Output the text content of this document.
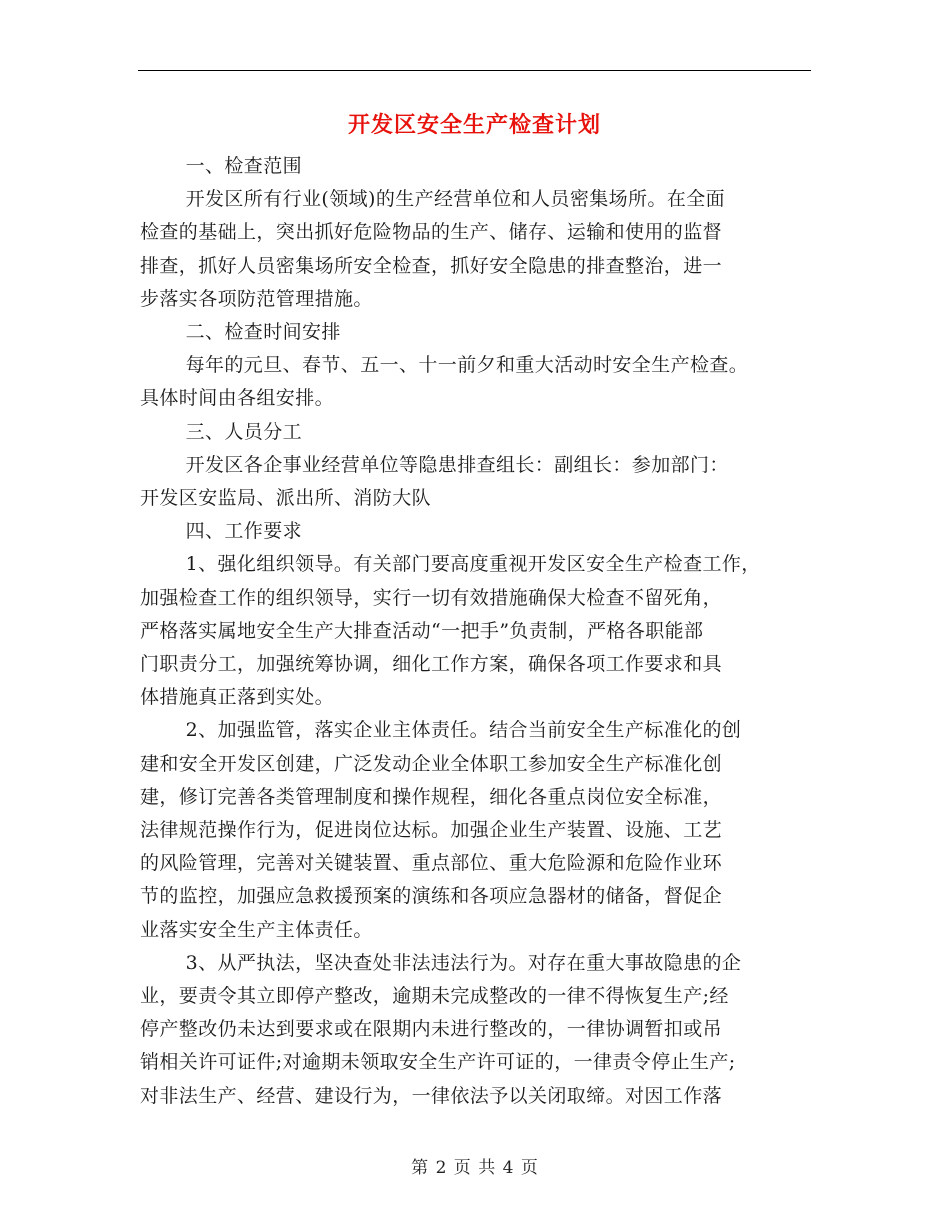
开发区安全生产检查计划

一、检查范围

开发区所有行业(领域)的生产经营单位和人员密集场所。在全面

检查的基础上，突出抓好危险物品的生产、储存、运输和使用的监督

排查，抓好人员密集场所安全检查，抓好安全隐患的排查整治，进一

步落实各项防范管理措施。

二、检查时间安排

每年的元旦、春节、五一、十一前夕和重大活动时安全生产检查。

具体时间由各组安排。

三、人员分工

开发区各企事业经营单位等隐患排查组长：副组长：参加部门：

开发区安监局、派出所、消防大队

四、工作要求

1、强化组织领导。有关部门要高度重视开发区安全生产检查工作，

加强检查工作的组织领导，实行一切有效措施确保大检查不留死角，

严格落实属地安全生产大排查活动“一把手”负责制，严格各职能部

门职责分工，加强统筹协调，细化工作方案，确保各项工作要求和具

体措施真正落到实处。

2、加强监管，落实企业主体责任。结合当前安全生产标准化的创

建和安全开发区创建，广泛发动企业全体职工参加安全生产标准化创

建，修订完善各类管理制度和操作规程，细化各重点岗位安全标准，

法律规范操作行为，促进岗位达标。加强企业生产装置、设施、工艺

的风险管理，完善对关键装置、重点部位、重大危险源和危险作业环

节的监控，加强应急救援预案的演练和各项应急器材的储备，督促企

业落实安全生产主体责任。

3、从严执法，坚决查处非法违法行为。对存在重大事故隐患的企

业，要责令其立即停产整改，逾期未完成整改的一律不得恢复生产;经

停产整改仍未达到要求或在限期内未进行整改的，一律协调暂扣或吊

销相关许可证件;对逾期未领取安全生产许可证的，一律责令停止生产;

对非法生产、经营、建设行为，一律依法予以关闭取缔。对因工作落

第 2 页 共 4 页
